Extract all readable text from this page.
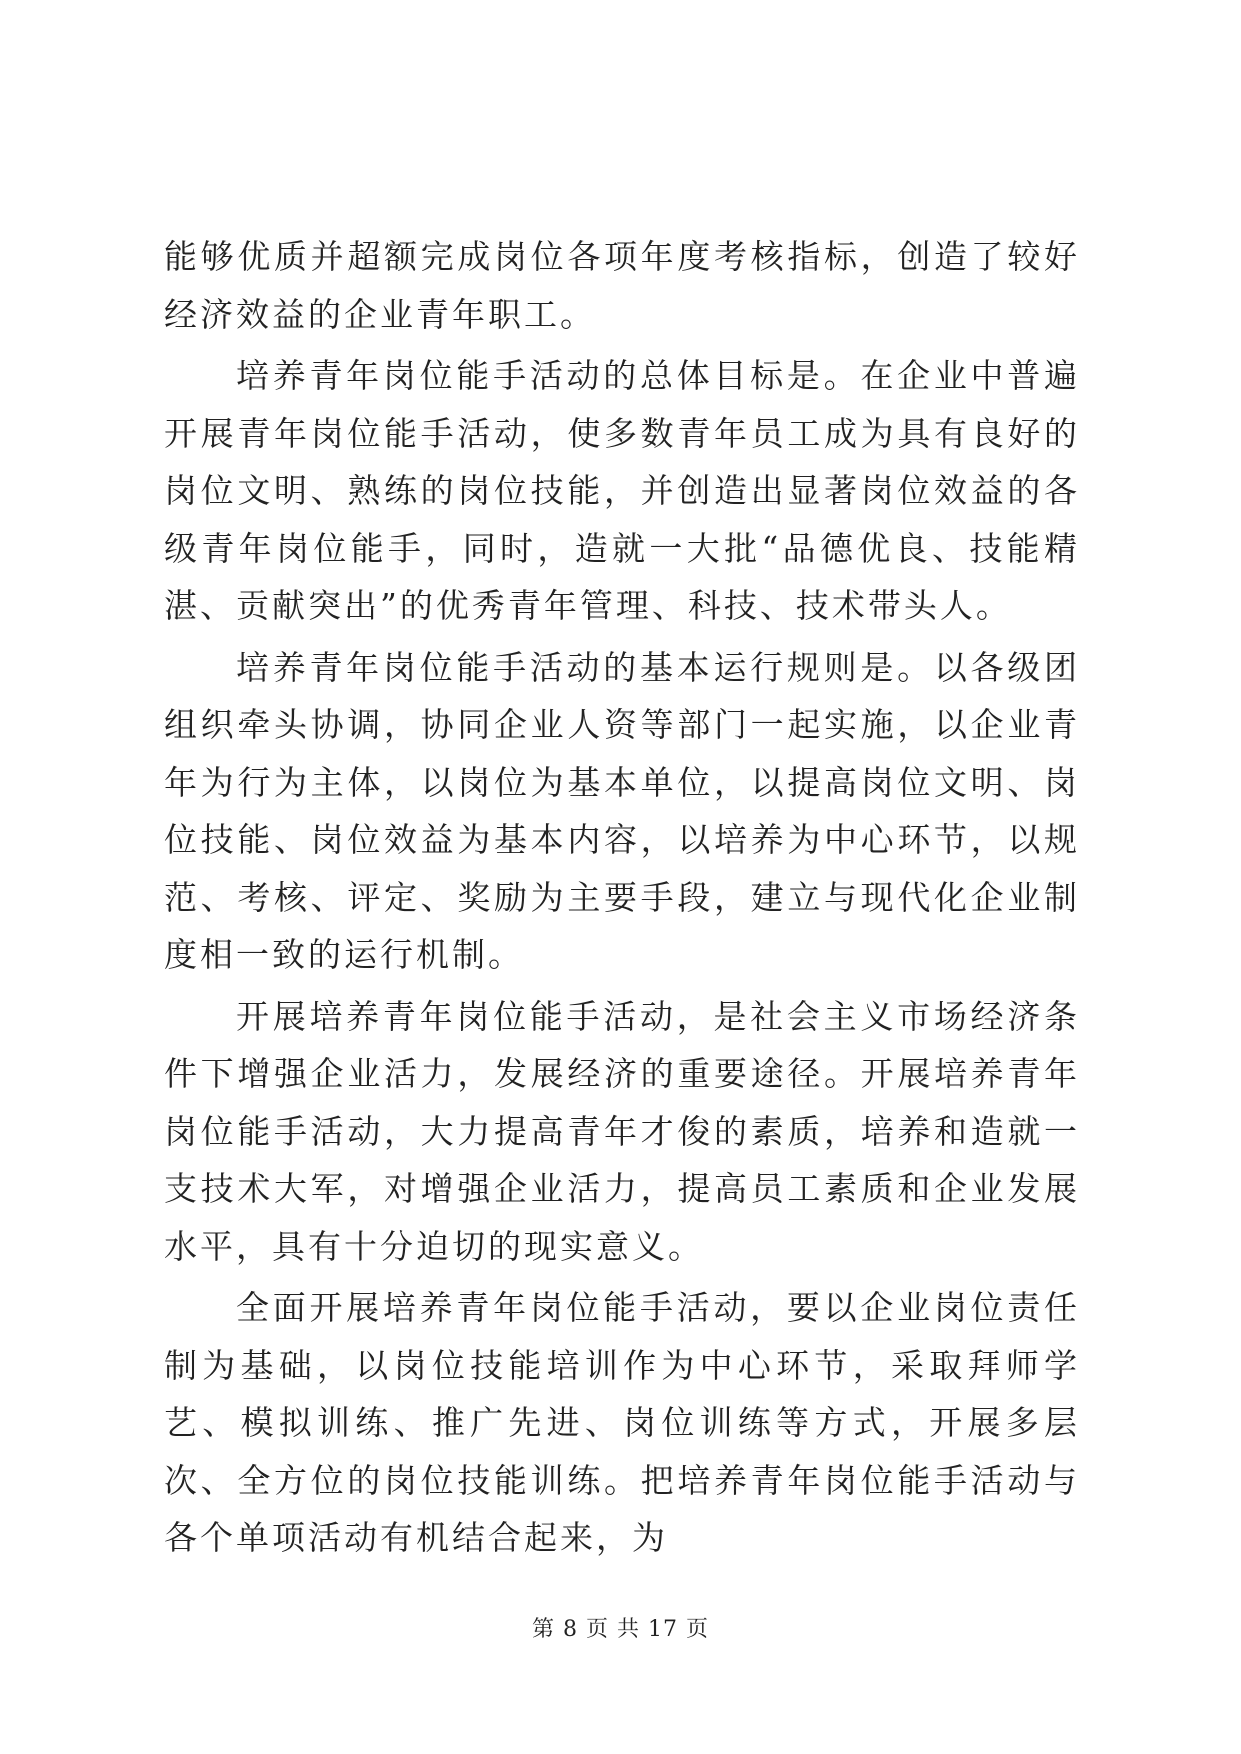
能够优质并超额完成岗位各项年度考核指标，创造了较好经济效益的企业青年职工。

培养青年岗位能手活动的总体目标是。在企业中普遍开展青年岗位能手活动，使多数青年员工成为具有良好的岗位文明、熟练的岗位技能，并创造出显著岗位效益的各级青年岗位能手，同时，造就一大批“品德优良、技能精湛、贡献突出”的优秀青年管理、科技、技术带头人。

培养青年岗位能手活动的基本运行规则是。以各级团组织牵头协调，协同企业人资等部门一起实施，以企业青年为行为主体，以岗位为基本单位，以提高岗位文明、岗位技能、岗位效益为基本内容，以培养为中心环节，以规范、考核、评定、奖励为主要手段，建立与现代化企业制度相一致的运行机制。

开展培养青年岗位能手活动，是社会主义市场经济条件下增强企业活力，发展经济的重要途径。开展培养青年岗位能手活动，大力提高青年才俊的素质，培养和造就一支技术大军，对增强企业活力，提高员工素质和企业发展水平，具有十分迫切的现实意义。

全面开展培养青年岗位能手活动，要以企业岗位责任制为基础，以岗位技能培训作为中心环节，采取拜师学艺、模拟训练、推广先进、岗位训练等方式，开展多层次、全方位的岗位技能训练。把培养青年岗位能手活动与各个单项活动有机结合起来，为

第 8 页 共 17 页
